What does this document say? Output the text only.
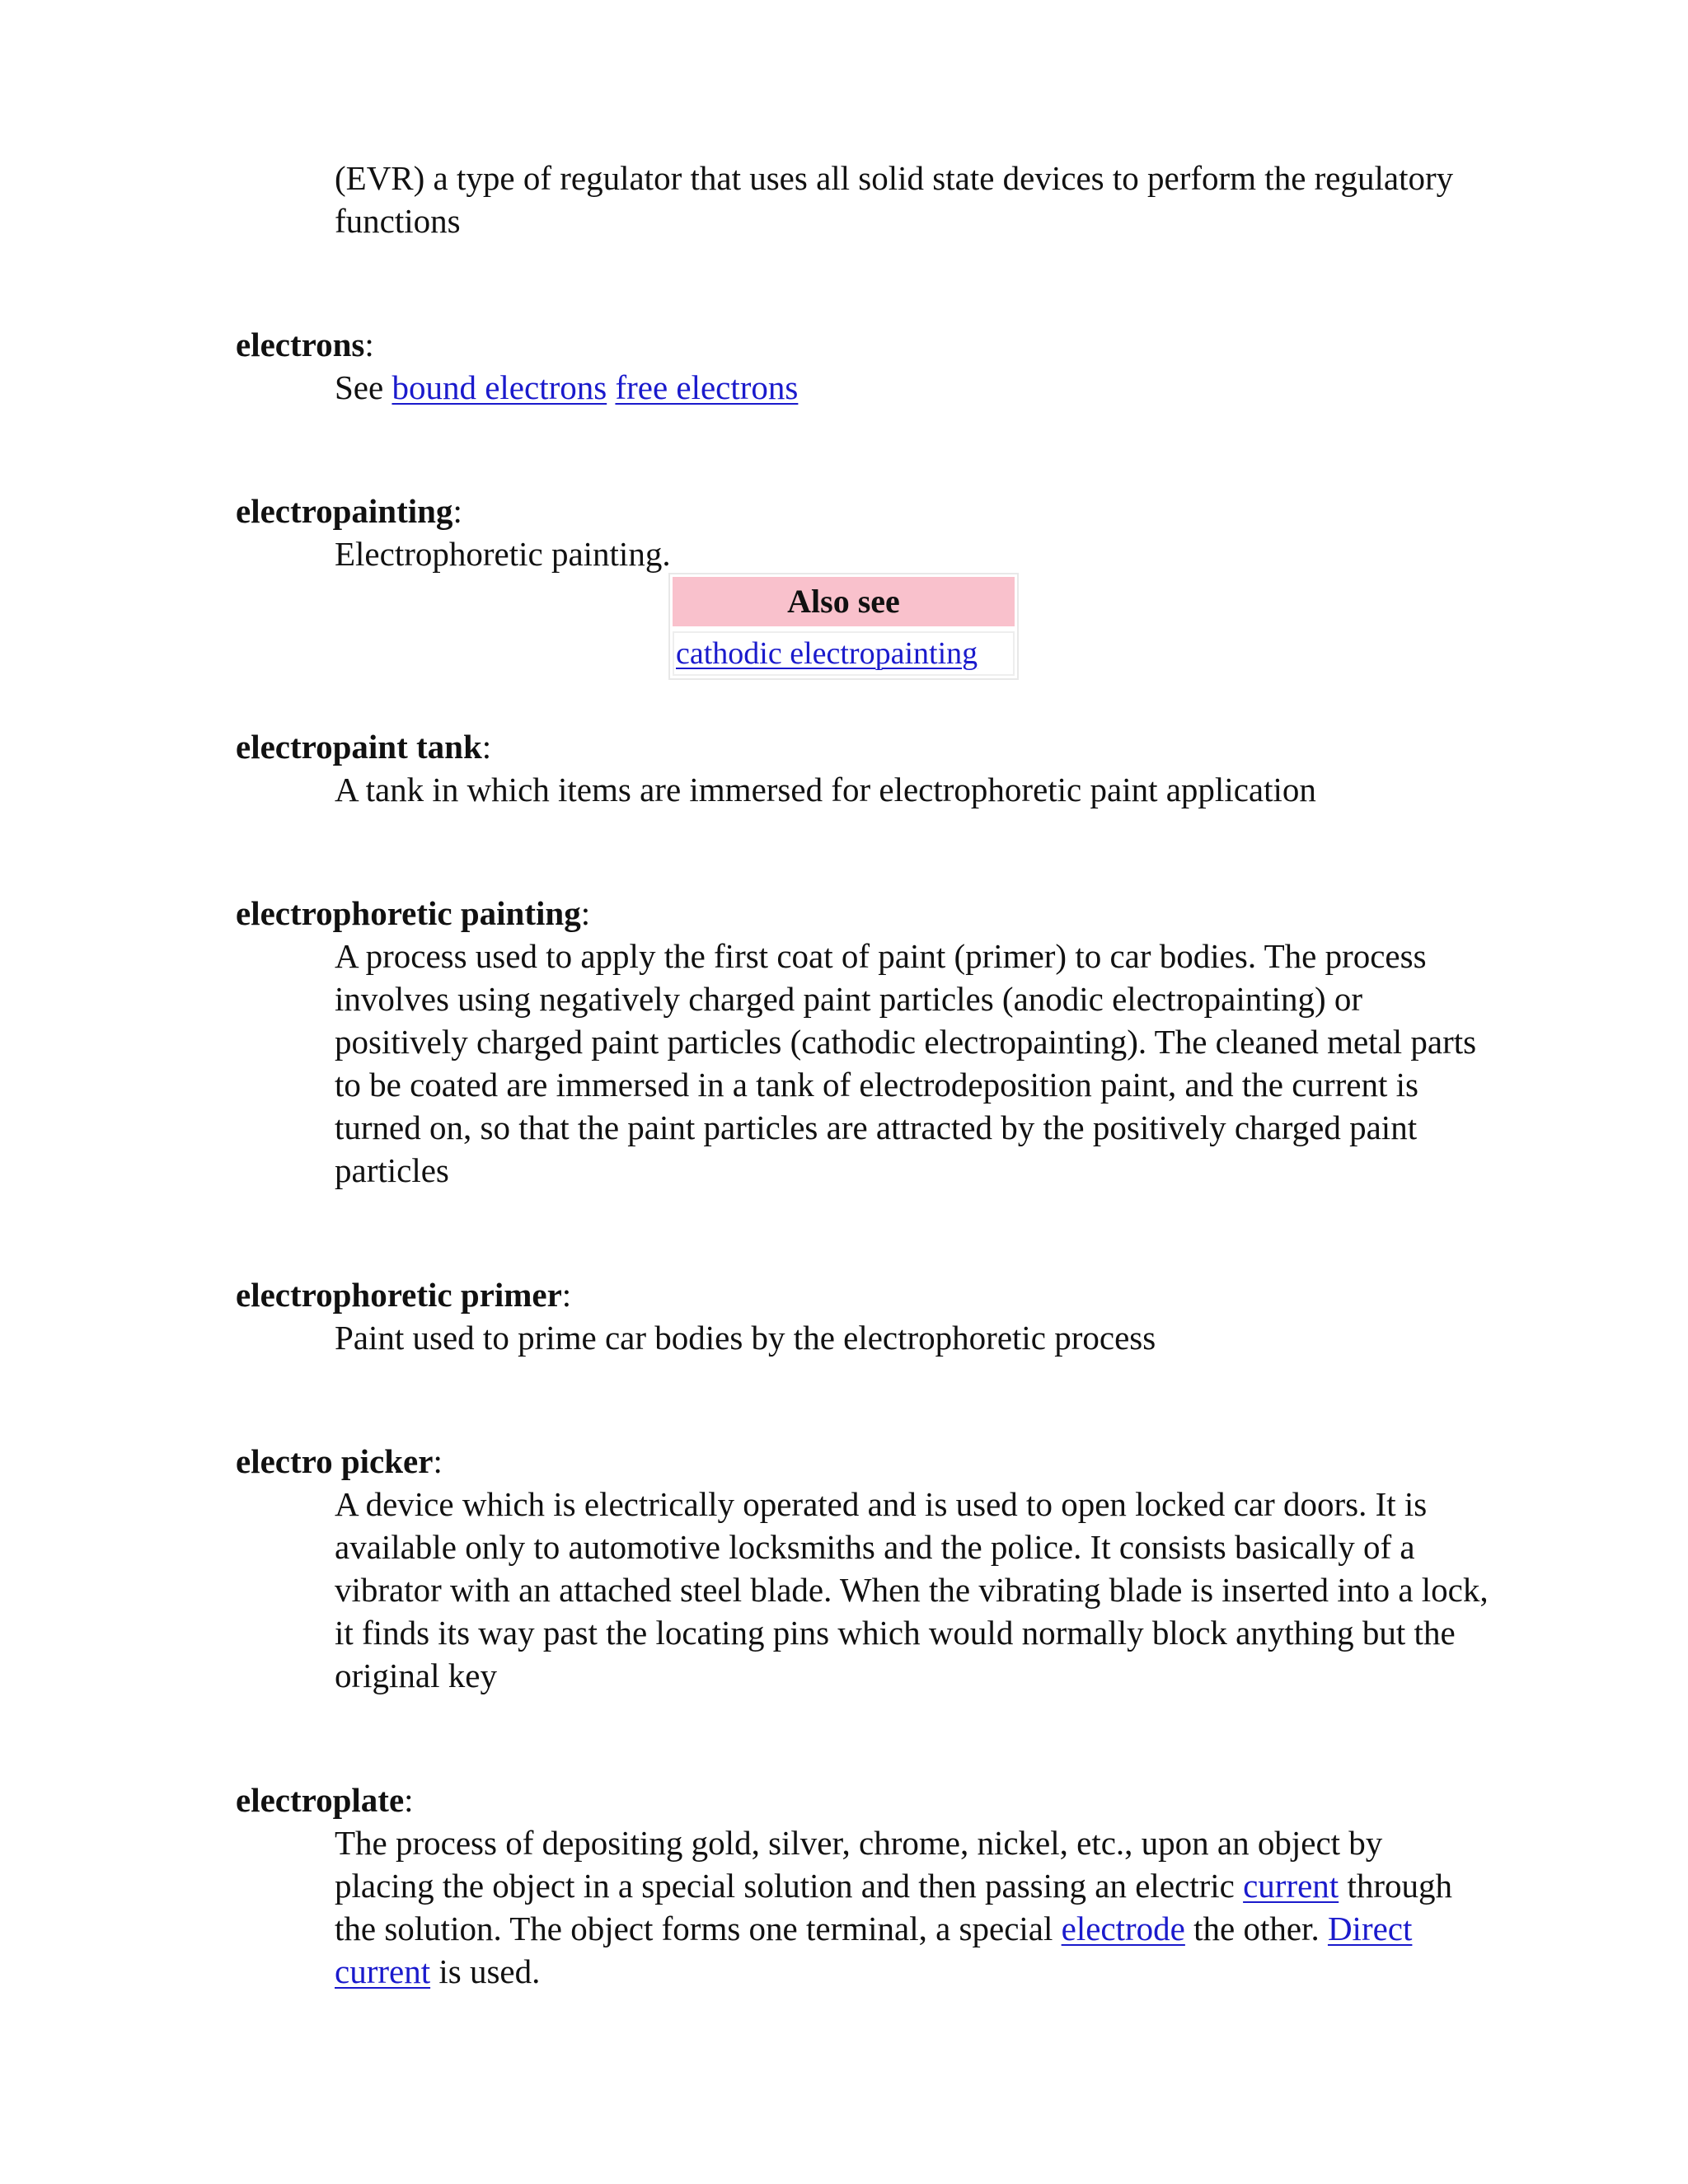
(EVR) a type of regulator that uses all solid state devices to perform the regulatory functions

electrons:

See bound electrons free electrons

electropainting:

Electrophoretic painting.

Also see
cathodic electropainting

electropaint tank:

A tank in which items are immersed for electrophoretic paint application

electrophoretic painting:

A process used to apply the first coat of paint (primer) to car bodies. The process involves using negatively charged paint particles (anodic electropainting) or positively charged paint particles (cathodic electropainting). The cleaned metal parts to be coated are immersed in a tank of electrodeposition paint, and the current is turned on, so that the paint particles are attracted by the positively charged paint particles

electrophoretic primer:

Paint used to prime car bodies by the electrophoretic process

electro picker:

A device which is electrically operated and is used to open locked car doors. It is available only to automotive locksmiths and the police. It consists basically of a vibrator with an attached steel blade. When the vibrating blade is inserted into a lock, it finds its way past the locating pins which would normally block anything but the original key

electroplate:

The process of depositing gold, silver, chrome, nickel, etc., upon an object by placing the object in a special solution and then passing an electric current through the solution. The object forms one terminal, a special electrode the other. Direct current is used.
